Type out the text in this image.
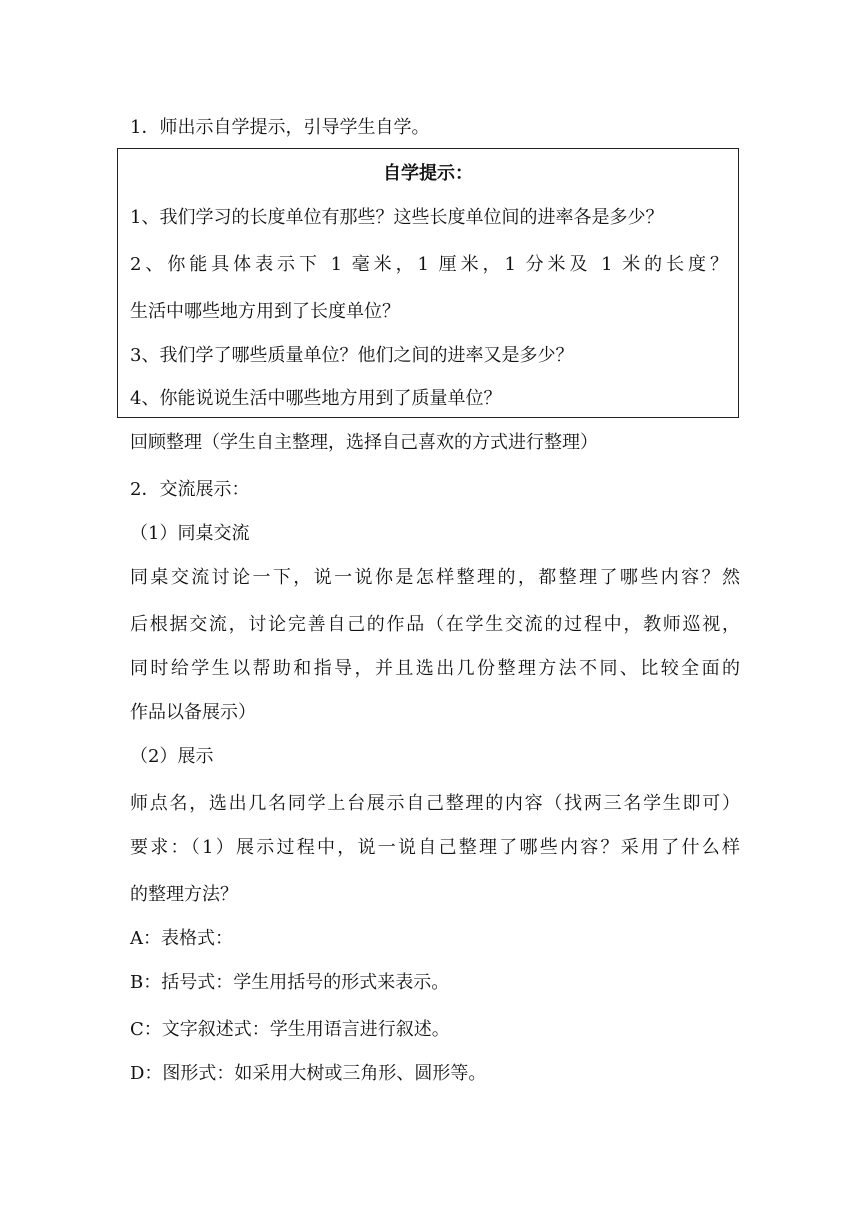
1．师出示自学提示，引导学生自学。
自学提示：
1、我们学习的长度单位有那些？这些长度单位间的进率各是多少？
2、你能具体表示下 1 毫米，1 厘米，1 分米及 1 米的长度？
生活中哪些地方用到了长度单位？
3、我们学了哪些质量单位？他们之间的进率又是多少？
4、你能说说生活中哪些地方用到了质量单位？
回顾整理（学生自主整理，选择自己喜欢的方式进行整理）
2．交流展示：
（1）同桌交流
同桌交流讨论一下，说一说你是怎样整理的，都整理了哪些内容？然
后根据交流，讨论完善自己的作品（在学生交流的过程中，教师巡视，
同时给学生以帮助和指导，并且选出几份整理方法不同、比较全面的
作品以备展示）
（2）展示
师点名，选出几名同学上台展示自己整理的内容（找两三名学生即可）
要求：（1）展示过程中，说一说自己整理了哪些内容？采用了什么样
的整理方法？
A：表格式：
B：括号式：学生用括号的形式来表示。
C：文字叙述式：学生用语言进行叙述。
D：图形式：如采用大树或三角形、圆形等。
